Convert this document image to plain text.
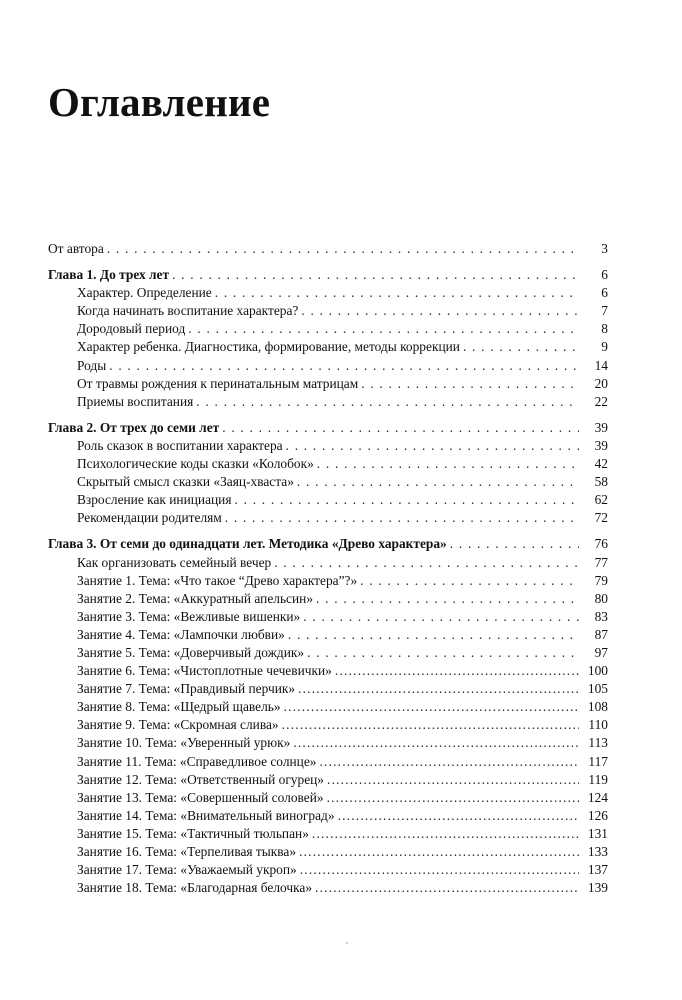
Оглавление
От автора . . .	3
Глава 1. До трех лет . . .	6
Характер. Определение . . .	6
Когда начинать воспитание характера? . . .	7
Дородовый период . . .	8
Характер ребенка. Диагностика, формирование, методы коррекции . . .	9
Роды . . .	14
От травмы рождения к перинатальным матрицам . . .	20
Приемы воспитания . . .	22
Глава 2. От трех до семи лет . . .	39
Роль сказок в воспитании характера . . .	39
Психологические коды сказки «Колобок» . . .	42
Скрытый смысл сказки «Заяц-хваста» . . .	58
Взросление как инициация . . .	62
Рекомендации родителям . . .	72
Глава 3. От семи до одинадцати лет. Методика «Древо характера» . . .	76
Как организовать семейный вечер . . .	77
Занятие 1. Тема: «Что такое “Древо характера”?» . . .	79
Занятие 2. Тема: «Аккуратный апельсин» . . .	80
Занятие 3. Тема: «Вежливые вишенки» . . .	83
Занятие 4. Тема: «Лампочки любви» . . .	87
Занятие 5. Тема: «Доверчивый дождик» . . .	97
Занятие 6. Тема: «Чистоплотные чечевички» .....	100
Занятие 7. Тема: «Правдивый перчик» .....	105
Занятие 8. Тема: «Щедрый щавель» .....	108
Занятие 9. Тема: «Скромная слива» .....	110
Занятие 10. Тема: «Уверенный урюк» .....	113
Занятие 11. Тема: «Справедливое солнце» .....	117
Занятие 12. Тема: «Ответственный огурец» .....	119
Занятие 13. Тема: «Совершенный соловей» .....	124
Занятие 14. Тема: «Внимательный виноград» .....	126
Занятие 15. Тема: «Тактичный тюльпан» .....	131
Занятие 16. Тема: «Терпеливая тыква» .....	133
Занятие 17. Тема: «Уважаемый укроп» .....	137
Занятие 18. Тема: «Благодарная белочка» .....	139
